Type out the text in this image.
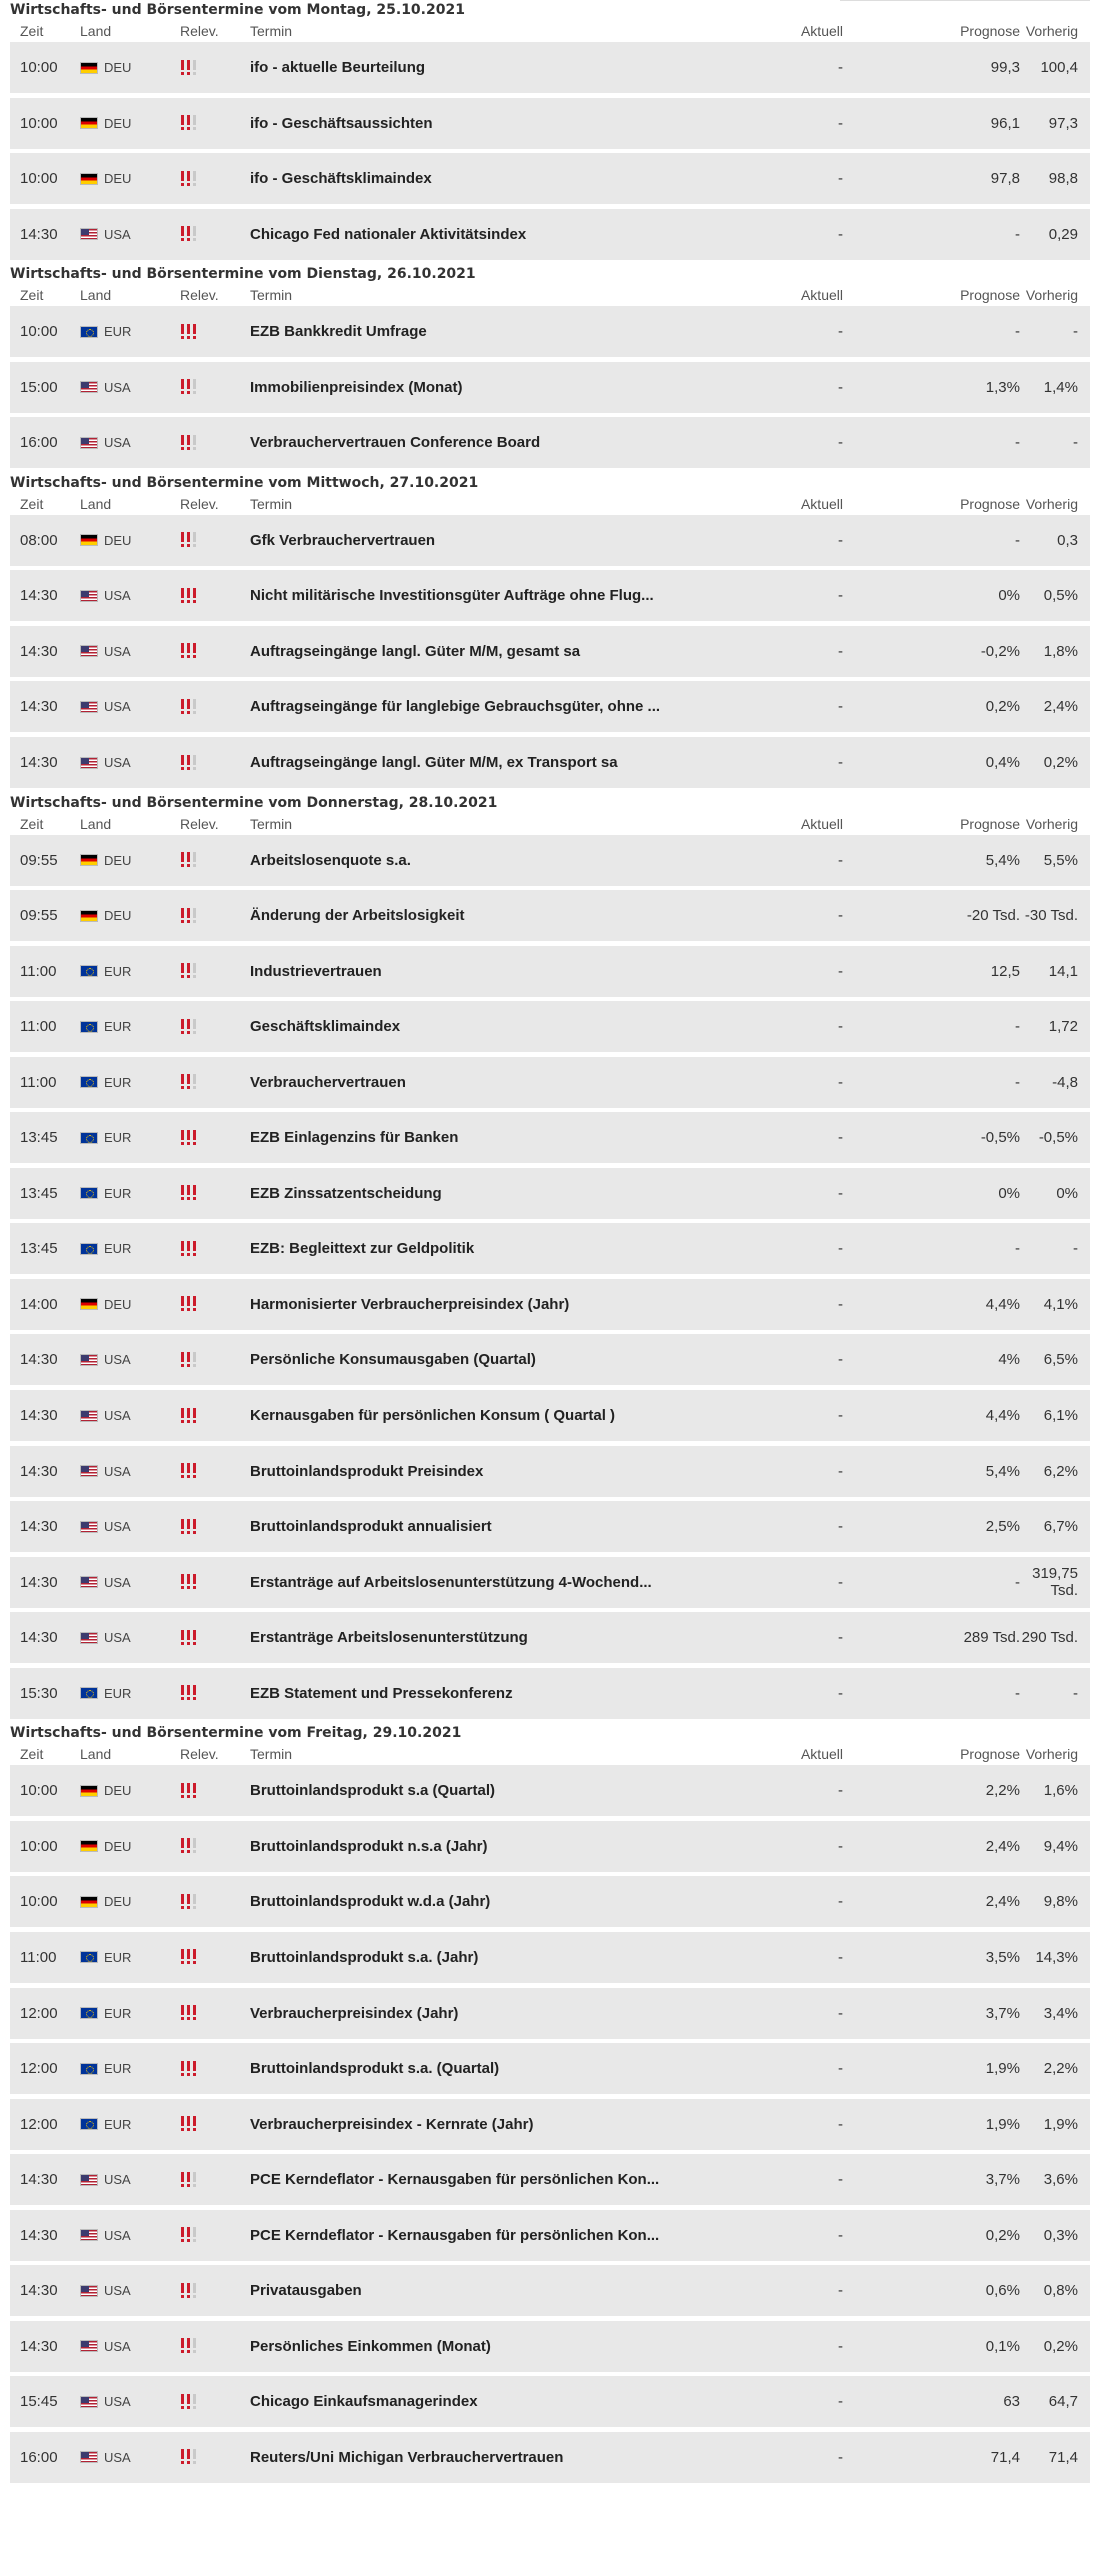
Wirtschafts- und Börsentermine vom Montag, 25.10.2021
Zeit	Land	Relev.	Termin	Aktuell	Prognose Vorherig
10:00	DEU	ifo - aktuelle Beurteilung	-	99,3	100,4
10:00	DEU	ifo - Geschäftsaussichten	-	96,1	97,3
10:00	DEU	ifo - Geschäftsklimaindex	-	97,8	98,8
14:30	USA	Chicago Fed nationaler Aktivitätsindex	-	-	0,29
Wirtschafts- und Börsentermine vom Dienstag, 26.10.2021
Zeit	Land	Relev.	Termin	Aktuell	Prognose Vorherig
10:00	EUR	EZB Bankkredit Umfrage	-	-	-
15:00	USA	Immobilienpreisindex (Monat)	-	1,3%	1,4%
16:00	USA	Verbrauchervertrauen Conference Board	-	-	-
Wirtschafts- und Börsentermine vom Mittwoch, 27.10.2021
Zeit	Land	Relev.	Termin	Aktuell	Prognose Vorherig
08:00	DEU	Gfk Verbrauchervertrauen	-	-	0,3
14:30	USA	Nicht militärische Investitionsgüter Aufträge ohne Flug...	-	0%	0,5%
14:30	USA	Auftragseingänge langl. Güter M/M, gesamt sa	-	-0,2%	1,8%
14:30	USA	Auftragseingänge für langlebige Gebrauchsgüter, ohne ...	-	0,2%	2,4%
14:30	USA	Auftragseingänge langl. Güter M/M, ex Transport sa	-	0,4%	0,2%
Wirtschafts- und Börsentermine vom Donnerstag, 28.10.2021
Zeit	Land	Relev.	Termin	Aktuell	Prognose Vorherig
09:55	DEU	Arbeitslosenquote s.a.	-	5,4%	5,5%
09:55	DEU	Änderung der Arbeitslosigkeit	-	-20 Tsd. -30 Tsd.
11:00	EUR	Industrievertrauen	-	12,5	14,1
11:00	EUR	Geschäftsklimaindex	-	-	1,72
11:00	EUR	Verbrauchervertrauen	-	-	-4,8
13:45	EUR	EZB Einlagenzins für Banken	-	-0,5%	-0,5%
13:45	EUR	EZB Zinssatzentscheidung	-	0%	0%
13:45	EUR	EZB: Begleittext zur Geldpolitik	-	-	-
14:00	DEU	Harmonisierter Verbraucherpreisindex (Jahr)	-	4,4%	4,1%
14:30	USA	Persönliche Konsumausgaben (Quartal)	-	4%	6,5%
14:30	USA	Kernausgaben für persönlichen Konsum ( Quartal )	-	4,4%	6,1%
14:30	USA	Bruttoinlandsprodukt Preisindex	-	5,4%	6,2%
14:30	USA	Bruttoinlandsprodukt annualisiert	-	2,5%	6,7%
14:30	USA	Erstanträge auf Arbeitslosenunterstützung 4-Wochend...	-	- 319,75 Tsd.
14:30	USA	Erstanträge Arbeitslosenunterstützung	-	289 Tsd. 290 Tsd.
15:30	EUR	EZB Statement und Pressekonferenz	-	-	-
Wirtschafts- und Börsentermine vom Freitag, 29.10.2021
Zeit	Land	Relev.	Termin	Aktuell	Prognose Vorherig
10:00	DEU	Bruttoinlandsprodukt s.a (Quartal)	-	2,2%	1,6%
10:00	DEU	Bruttoinlandsprodukt n.s.a (Jahr)	-	2,4%	9,4%
10:00	DEU	Bruttoinlandsprodukt w.d.a (Jahr)	-	2,4%	9,8%
11:00	EUR	Bruttoinlandsprodukt s.a. (Jahr)	-	3,5%	14,3%
12:00	EUR	Verbraucherpreisindex (Jahr)	-	3,7%	3,4%
12:00	EUR	Bruttoinlandsprodukt s.a. (Quartal)	-	1,9%	2,2%
12:00	EUR	Verbraucherpreisindex - Kernrate (Jahr)	-	1,9%	1,9%
14:30	USA	PCE Kerndeflator - Kernausgaben für persönlichen Kon...	-	3,7%	3,6%
14:30	USA	PCE Kerndeflator - Kernausgaben für persönlichen Kon...	-	0,2%	0,3%
14:30	USA	Privatausgaben	-	0,6%	0,8%
14:30	USA	Persönliches Einkommen (Monat)	-	0,1%	0,2%
15:45	USA	Chicago Einkaufsmanagerindex	-	63	64,7
16:00	USA	Reuters/Uni Michigan Verbrauchervertrauen	-	71,4	71,4
